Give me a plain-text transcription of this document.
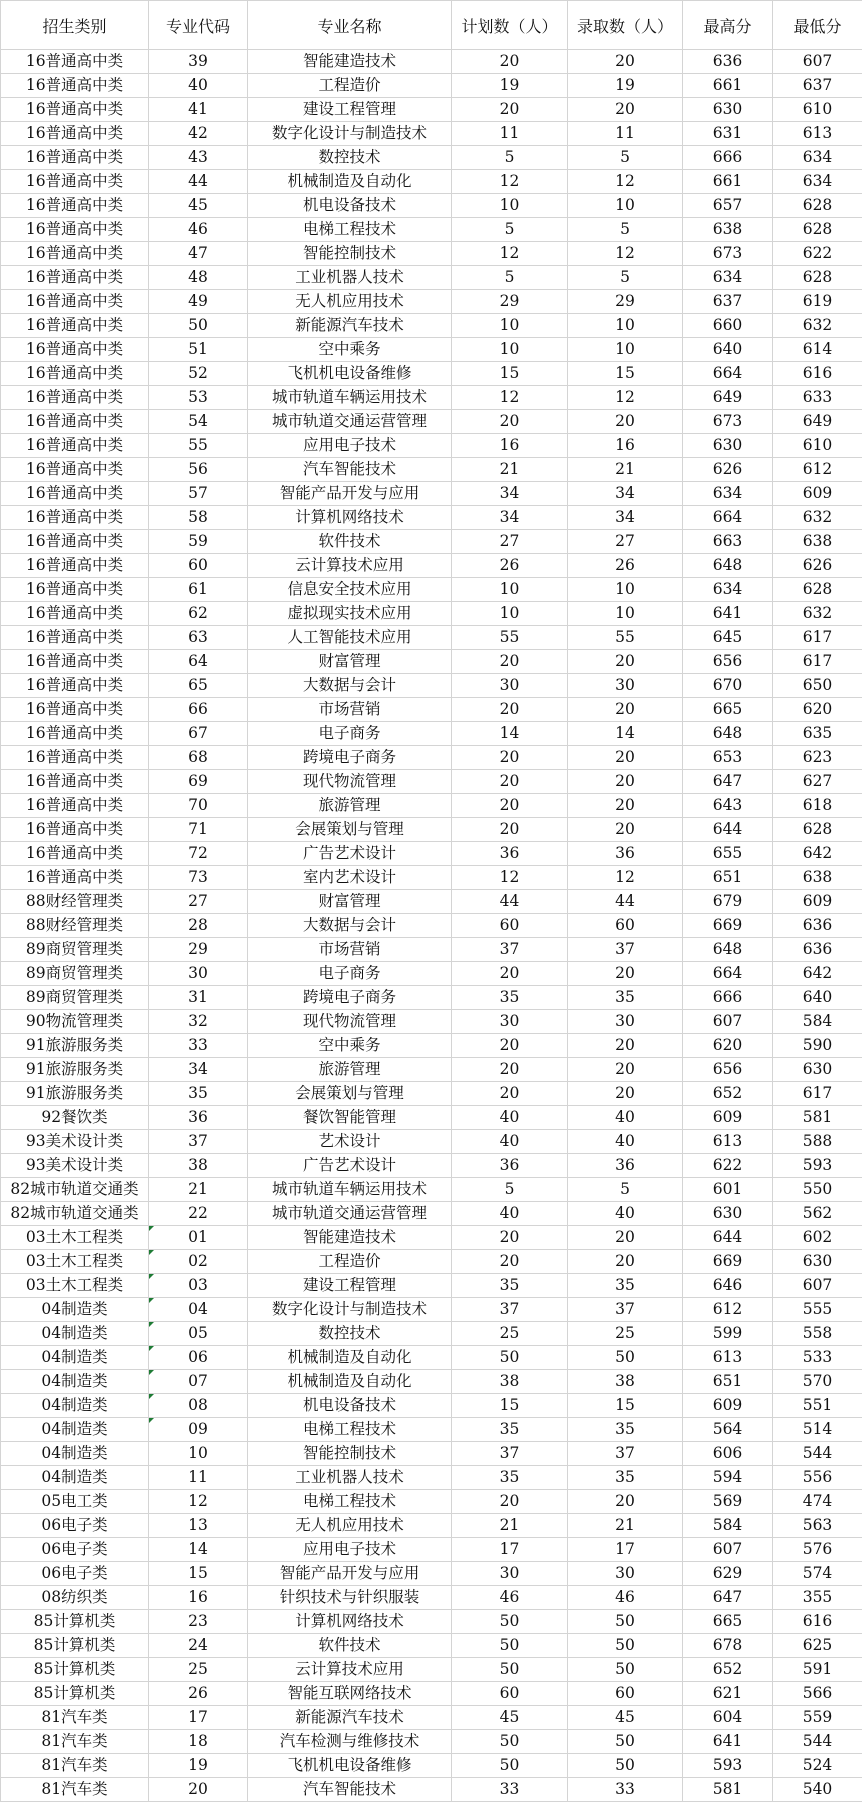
招生类别	专业代码	专业名称	计划数（人）	录取数（人）	最高分	最低分
16普通高中类	39	智能建造技术	20	20	636	607
16普通高中类	40	工程造价	19	19	661	637
16普通高中类	41	建设工程管理	20	20	630	610
16普通高中类	42	数字化设计与制造技术	11	11	631	613
16普通高中类	43	数控技术	5	5	666	634
16普通高中类	44	机械制造及自动化	12	12	661	634
16普通高中类	45	机电设备技术	10	10	657	628
16普通高中类	46	电梯工程技术	5	5	638	628
16普通高中类	47	智能控制技术	12	12	673	622
16普通高中类	48	工业机器人技术	5	5	634	628
16普通高中类	49	无人机应用技术	29	29	637	619
16普通高中类	50	新能源汽车技术	10	10	660	632
16普通高中类	51	空中乘务	10	10	640	614
16普通高中类	52	飞机机电设备维修	15	15	664	616
16普通高中类	53	城市轨道车辆运用技术	12	12	649	633
16普通高中类	54	城市轨道交通运营管理	20	20	673	649
16普通高中类	55	应用电子技术	16	16	630	610
16普通高中类	56	汽车智能技术	21	21	626	612
16普通高中类	57	智能产品开发与应用	34	34	634	609
16普通高中类	58	计算机网络技术	34	34	664	632
16普通高中类	59	软件技术	27	27	663	638
16普通高中类	60	云计算技术应用	26	26	648	626
16普通高中类	61	信息安全技术应用	10	10	634	628
16普通高中类	62	虚拟现实技术应用	10	10	641	632
16普通高中类	63	人工智能技术应用	55	55	645	617
16普通高中类	64	财富管理	20	20	656	617
16普通高中类	65	大数据与会计	30	30	670	650
16普通高中类	66	市场营销	20	20	665	620
16普通高中类	67	电子商务	14	14	648	635
16普通高中类	68	跨境电子商务	20	20	653	623
16普通高中类	69	现代物流管理	20	20	647	627
16普通高中类	70	旅游管理	20	20	643	618
16普通高中类	71	会展策划与管理	20	20	644	628
16普通高中类	72	广告艺术设计	36	36	655	642
16普通高中类	73	室内艺术设计	12	12	651	638
88财经管理类	27	财富管理	44	44	679	609
88财经管理类	28	大数据与会计	60	60	669	636
89商贸管理类	29	市场营销	37	37	648	636
89商贸管理类	30	电子商务	20	20	664	642
89商贸管理类	31	跨境电子商务	35	35	666	640
90物流管理类	32	现代物流管理	30	30	607	584
91旅游服务类	33	空中乘务	20	20	620	590
91旅游服务类	34	旅游管理	20	20	656	630
91旅游服务类	35	会展策划与管理	20	20	652	617
92餐饮类	36	餐饮智能管理	40	40	609	581
93美术设计类	37	艺术设计	40	40	613	588
93美术设计类	38	广告艺术设计	36	36	622	593
82城市轨道交通类	21	城市轨道车辆运用技术	5	5	601	550
82城市轨道交通类	22	城市轨道交通运营管理	40	40	630	562
03土木工程类	01	智能建造技术	20	20	644	602
03土木工程类	02	工程造价	20	20	669	630
03土木工程类	03	建设工程管理	35	35	646	607
04制造类	04	数字化设计与制造技术	37	37	612	555
04制造类	05	数控技术	25	25	599	558
04制造类	06	机械制造及自动化	50	50	613	533
04制造类	07	机械制造及自动化	38	38	651	570
04制造类	08	机电设备技术	15	15	609	551
04制造类	09	电梯工程技术	35	35	564	514
04制造类	10	智能控制技术	37	37	606	544
04制造类	11	工业机器人技术	35	35	594	556
05电工类	12	电梯工程技术	20	20	569	474
06电子类	13	无人机应用技术	21	21	584	563
06电子类	14	应用电子技术	17	17	607	576
06电子类	15	智能产品开发与应用	30	30	629	574
08纺织类	16	针织技术与针织服装	46	46	647	355
85计算机类	23	计算机网络技术	50	50	665	616
85计算机类	24	软件技术	50	50	678	625
85计算机类	25	云计算技术应用	50	50	652	591
85计算机类	26	智能互联网络技术	60	60	621	566
81汽车类	17	新能源汽车技术	45	45	604	559
81汽车类	18	汽车检测与维修技术	50	50	641	544
81汽车类	19	飞机机电设备维修	50	50	593	524
81汽车类	20	汽车智能技术	33	33	581	540
